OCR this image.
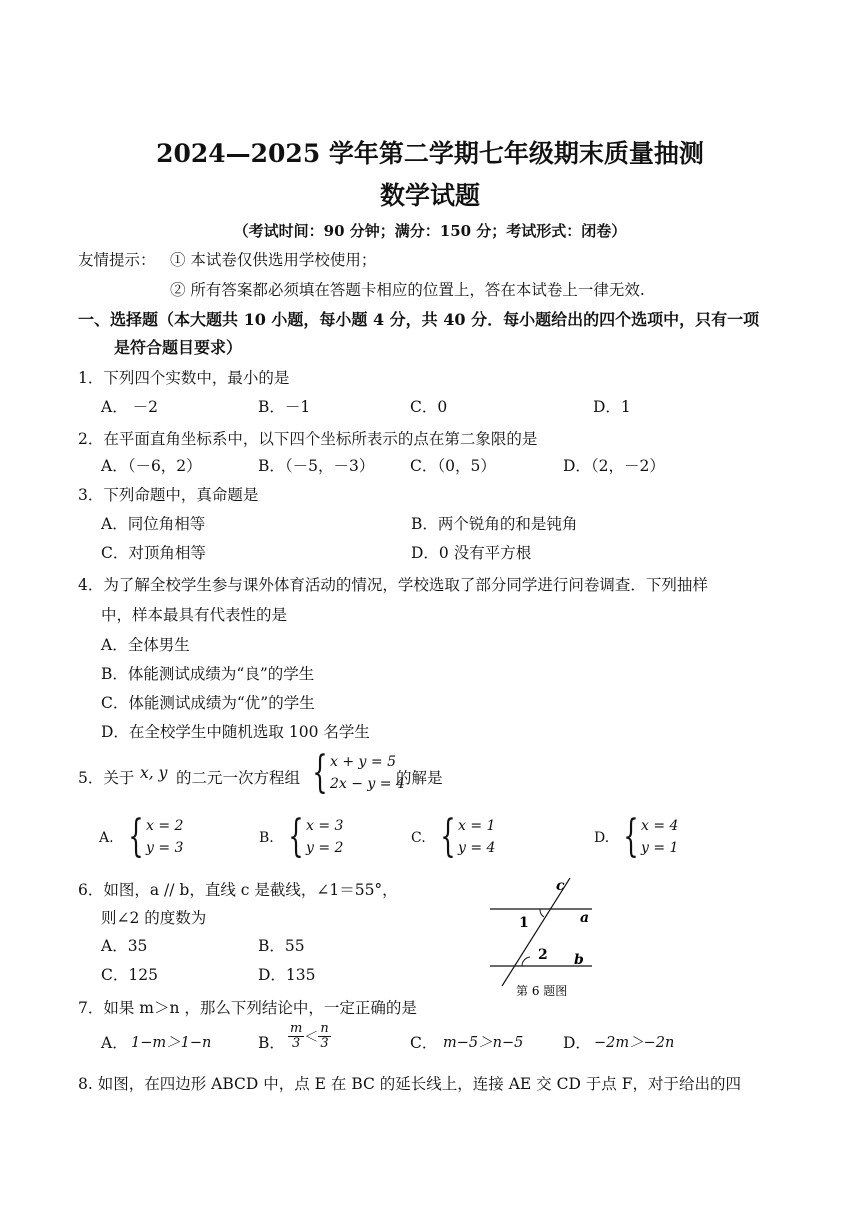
2024—2025 学年第二学期七年级期末质量抽测
数学试题
（考试时间：90 分钟；满分：150 分；考试形式：闭卷）
友情提示： ① 本试卷仅供选用学校使用；
② 所有答案都必须填在答题卡相应的位置上，答在本试卷上一律无效.
一、选择题（本大题共 10 小题，每小题 4 分，共 40 分．每小题给出的四个选项中，只有一项
是符合题目要求）
1．下列四个实数中，最小的是
A． －2	B．－1	C．0	D．1
2．在平面直角坐标系中，以下四个坐标所表示的点在第二象限的是
A．（－6，2）	B．（－5，－3） C．（0，5）	D．（2，－2）
3．下列命题中，真命题是
A．同位角相等	B．两个锐角的和是钝角
C．对顶角相等	D．0 没有平方根
4．为了解全校学生参与课外体育活动的情况，学校选取了部分同学进行问卷调查．下列抽样
中，样本最具有代表性的是
A．全体男生
B．体能测试成绩为“良”的学生
C．体能测试成绩为“优”的学生
D．在全校学生中随机选取 100 名学生
5．关于 x, y 的二元一次方程组 { x + y = 5
2x − y = 4
的解是
A. { x = 2
y = 3
B. { x = 3
y = 2
C. { x = 1
y = 4
D. { x = 4
y = 1
6．如图，a // b，直线 c 是截线，∠1＝55°，
则∠2 的度数为
A．35	B．55
C．125	D．135
c
a
b
1
2
第 6 题图
7．如果 m＞n ，那么下列结论中，一定正确的是
A． 1−m＞1−n	B． $\frac{m}{3} < \frac{n}{3}$	C． m−5＞n−5	D． −2m＞−2n
8. 如图，在四边形 ABCD 中，点 E 在 BC 的延长线上，连接 AE 交 CD 于点 F，对于给出的四
